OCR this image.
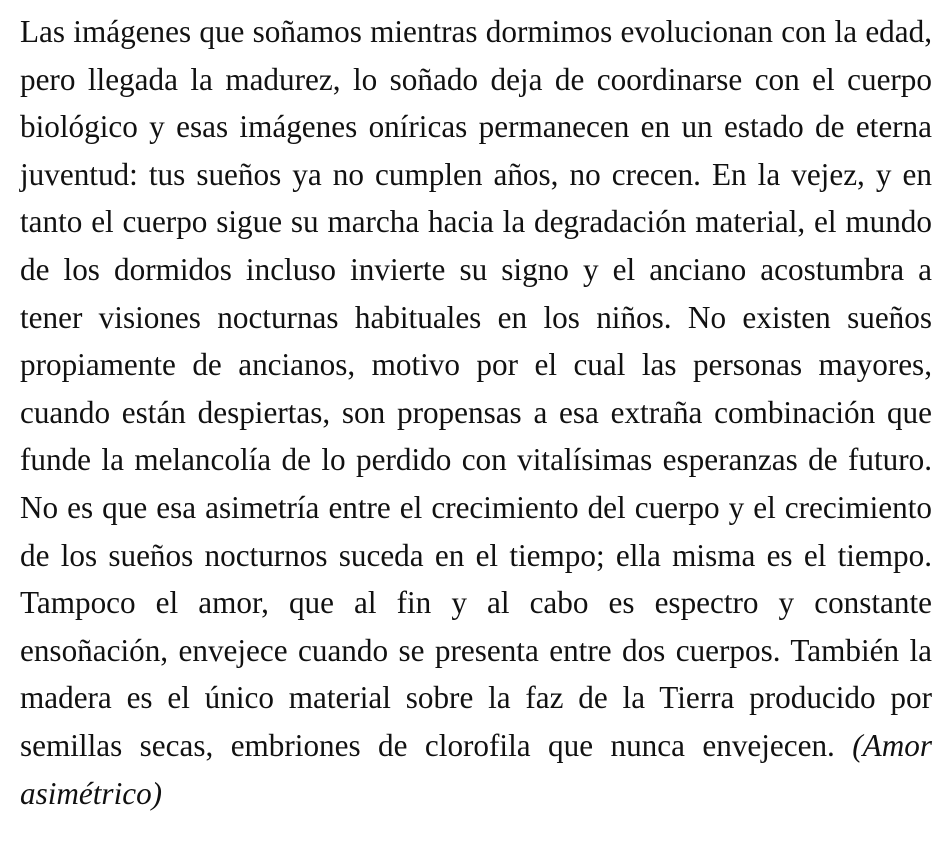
Las imágenes que soñamos mientras dormimos evolucionan con la edad, pero llegada la madurez, lo soñado deja de coordinarse con el cuerpo biológico y esas imágenes oníricas permanecen en un estado de eterna juventud: tus sueños ya no cumplen años, no crecen. En la vejez, y en tanto el cuerpo sigue su marcha hacia la degradación material, el mundo de los dormidos incluso invierte su signo y el anciano acostumbra a tener visiones nocturnas habituales en los niños. No existen sueños propiamente de ancianos, motivo por el cual las personas mayores, cuando están despiertas, son propensas a esa extraña combinación que funde la melancolía de lo perdido con vitalísimas esperanzas de futuro. No es que esa asimetría entre el crecimiento del cuerpo y el crecimiento de los sueños nocturnos suceda en el tiempo; ella misma es el tiempo. Tampoco el amor, que al fin y al cabo es espectro y constante ensoñación, envejece cuando se presenta entre dos cuerpos. También la madera es el único material sobre la faz de la Tierra producido por semillas secas, embriones de clorofila que nunca envejecen. (Amor asimétrico)
